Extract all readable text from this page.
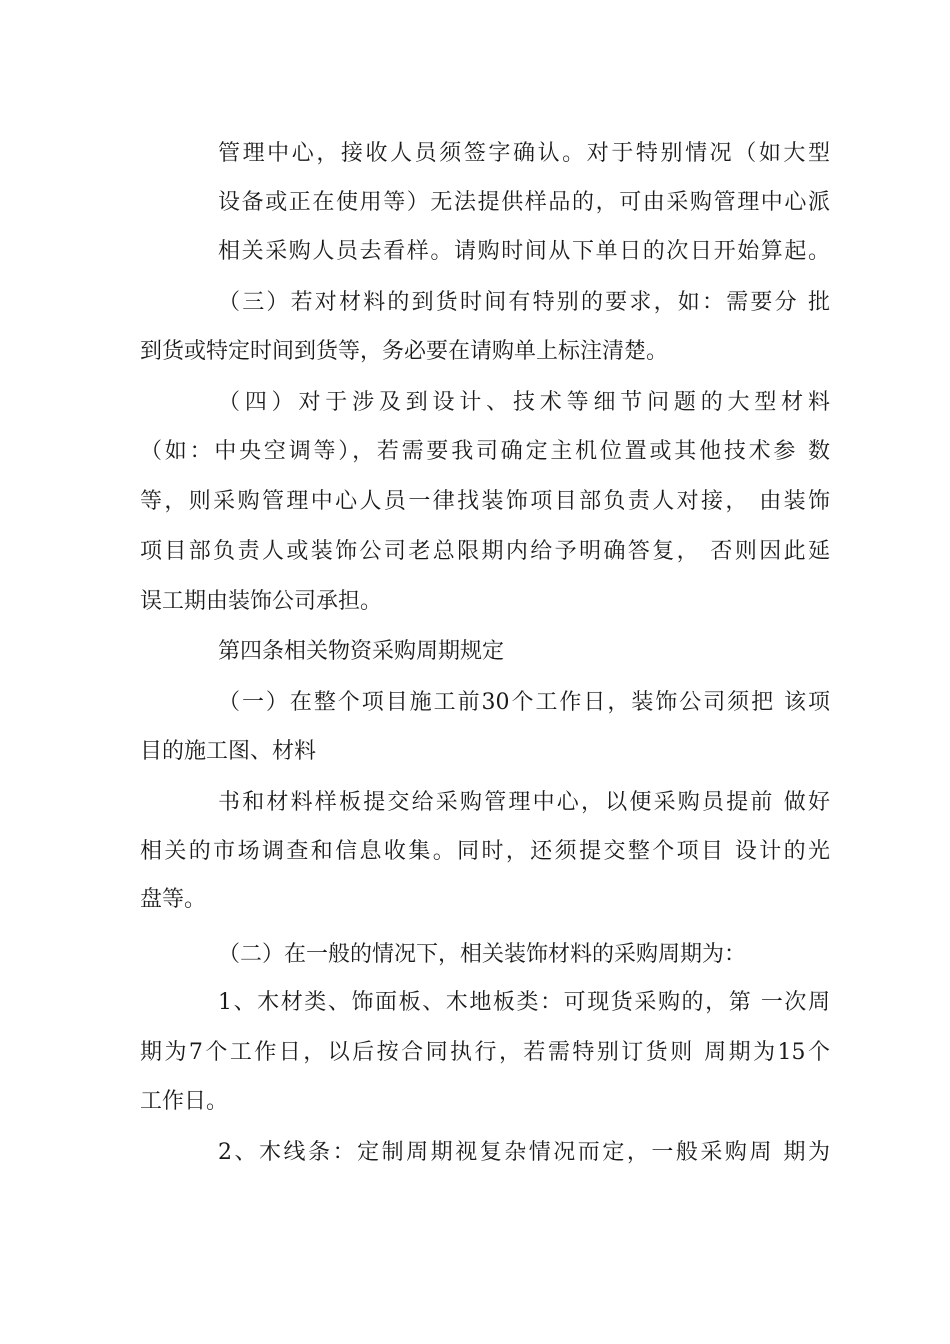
管理中心，接收人员须签字确认。对于特别情况（如大型
设备或正在使用等）无法提供样品的，可由采购管理中心派
相关采购人员去看样。请购时间从下单日的次日开始算起。
（三）若对材料的到货时间有特别的要求，如：需要分 批
到货或特定时间到货等，务必要在请购单上标注清楚。
（四）对于涉及到设计、技术等细节问题的大型材料
（如：中央空调等），若需要我司确定主机位置或其他技术参 数
等，则采购管理中心人员一律找装饰项目部负责人对接， 由装饰
项目部负责人或装饰公司老总限期内给予明确答复， 否则因此延
误工期由装饰公司承担。
第四条相关物资采购周期规定
（一）在整个项目施工前30个工作日，装饰公司须把 该项
目的施工图、材料
书和材料样板提交给采购管理中心，以便采购员提前 做好
相关的市场调查和信息收集。同时，还须提交整个项目 设计的光
盘等。
（二）在一般的情况下，相关装饰材料的采购周期为：
1、木材类、饰面板、木地板类：可现货采购的，第 一次周
期为7个工作日，以后按合同执行，若需特别订货则 周期为15个
工作日。
2、木线条：定制周期视复杂情况而定，一般采购周 期为
